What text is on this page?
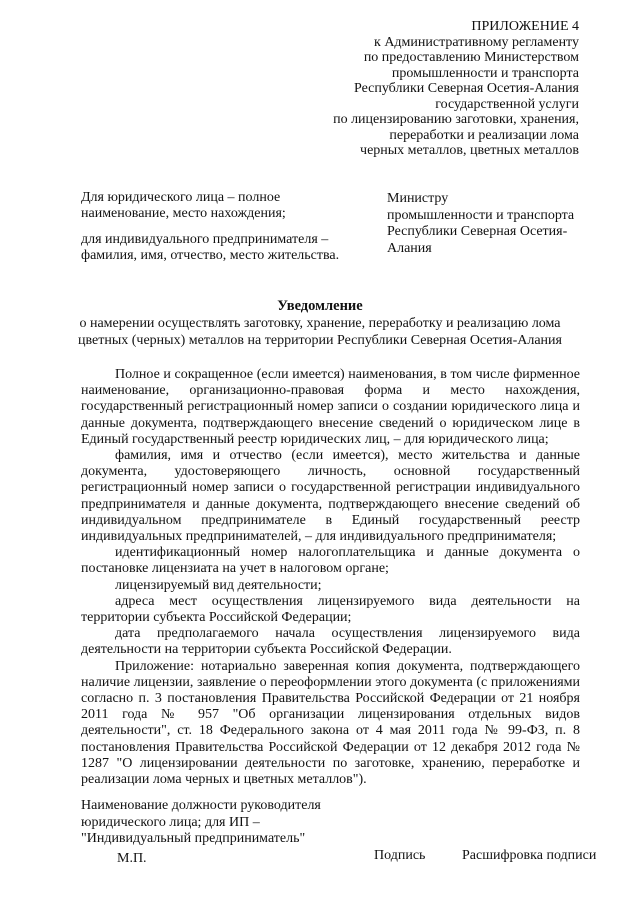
ПРИЛОЖЕНИЕ 4
к Административному регламенту
по предоставлению Министерством
промышленности и транспорта
Республики Северная Осетия-Алания
государственной услуги
по лицензированию заготовки, хранения,
переработки и реализации лома
черных металлов, цветных металлов
Для юридического лица – полное
наименование, место нахождения;
для индивидуального предпринимателя –
фамилия, имя, отчество, место жительства.
Министру
промышленности и транспорта
Республики Северная Осетия-
Алания
Уведомление
о намерении осуществлять заготовку, хранение, переработку и реализацию лома
цветных (черных) металлов на территории Республики Северная Осетия-Алания

Полное и сокращенное (если имеется) наименования, в том числе фирменное наименование, организационно-правовая форма и место нахождения, государственный регистрационный номер записи о создании юридического лица и данные документа, подтверждающего внесение сведений о юридическом лице в Единый государственный реестр юридических лиц, – для юридического лица;

фамилия, имя и отчество (если имеется), место жительства и данные документа, удостоверяющего личность, основной государственный регистрационный номер записи о государственной регистрации индивидуального предпринимателя и данные документа, подтверждающего внесение сведений об индивидуальном предпринимателе в Единый государственный реестр индивидуальных предпринимателей, – для индивидуального предпринимателя;

идентификационный номер налогоплательщика и данные документа о постановке лицензиата на учет в налоговом органе;

лицензируемый вид деятельности;

адреса мест осуществления лицензируемого вида деятельности на территории субъекта Российской Федерации;

дата предполагаемого начала осуществления лицензируемого вида деятельности на территории субъекта Российской Федерации.

Приложение: нотариально заверенная копия документа, подтверждающего наличие лицензии, заявление о переоформлении этого документа (с приложениями согласно п. 3 постановления Правительства Российской Федерации от 21 ноября 2011 года № 957 "Об организации лицензирования отдельных видов деятельности", ст. 18 Федерального закона от 4 мая 2011 года № 99-ФЗ, п. 8 постановления Правительства Российской Федерации от 12 декабря 2012 года № 1287 "О лицензировании деятельности по заготовке, хранению, переработке и реализации лома черных и цветных металлов").

Наименование должности руководителя
юридического лица; для ИП –
"Индивидуальный предприниматель"
М.П.	Подпись	Расшифровка подписи
